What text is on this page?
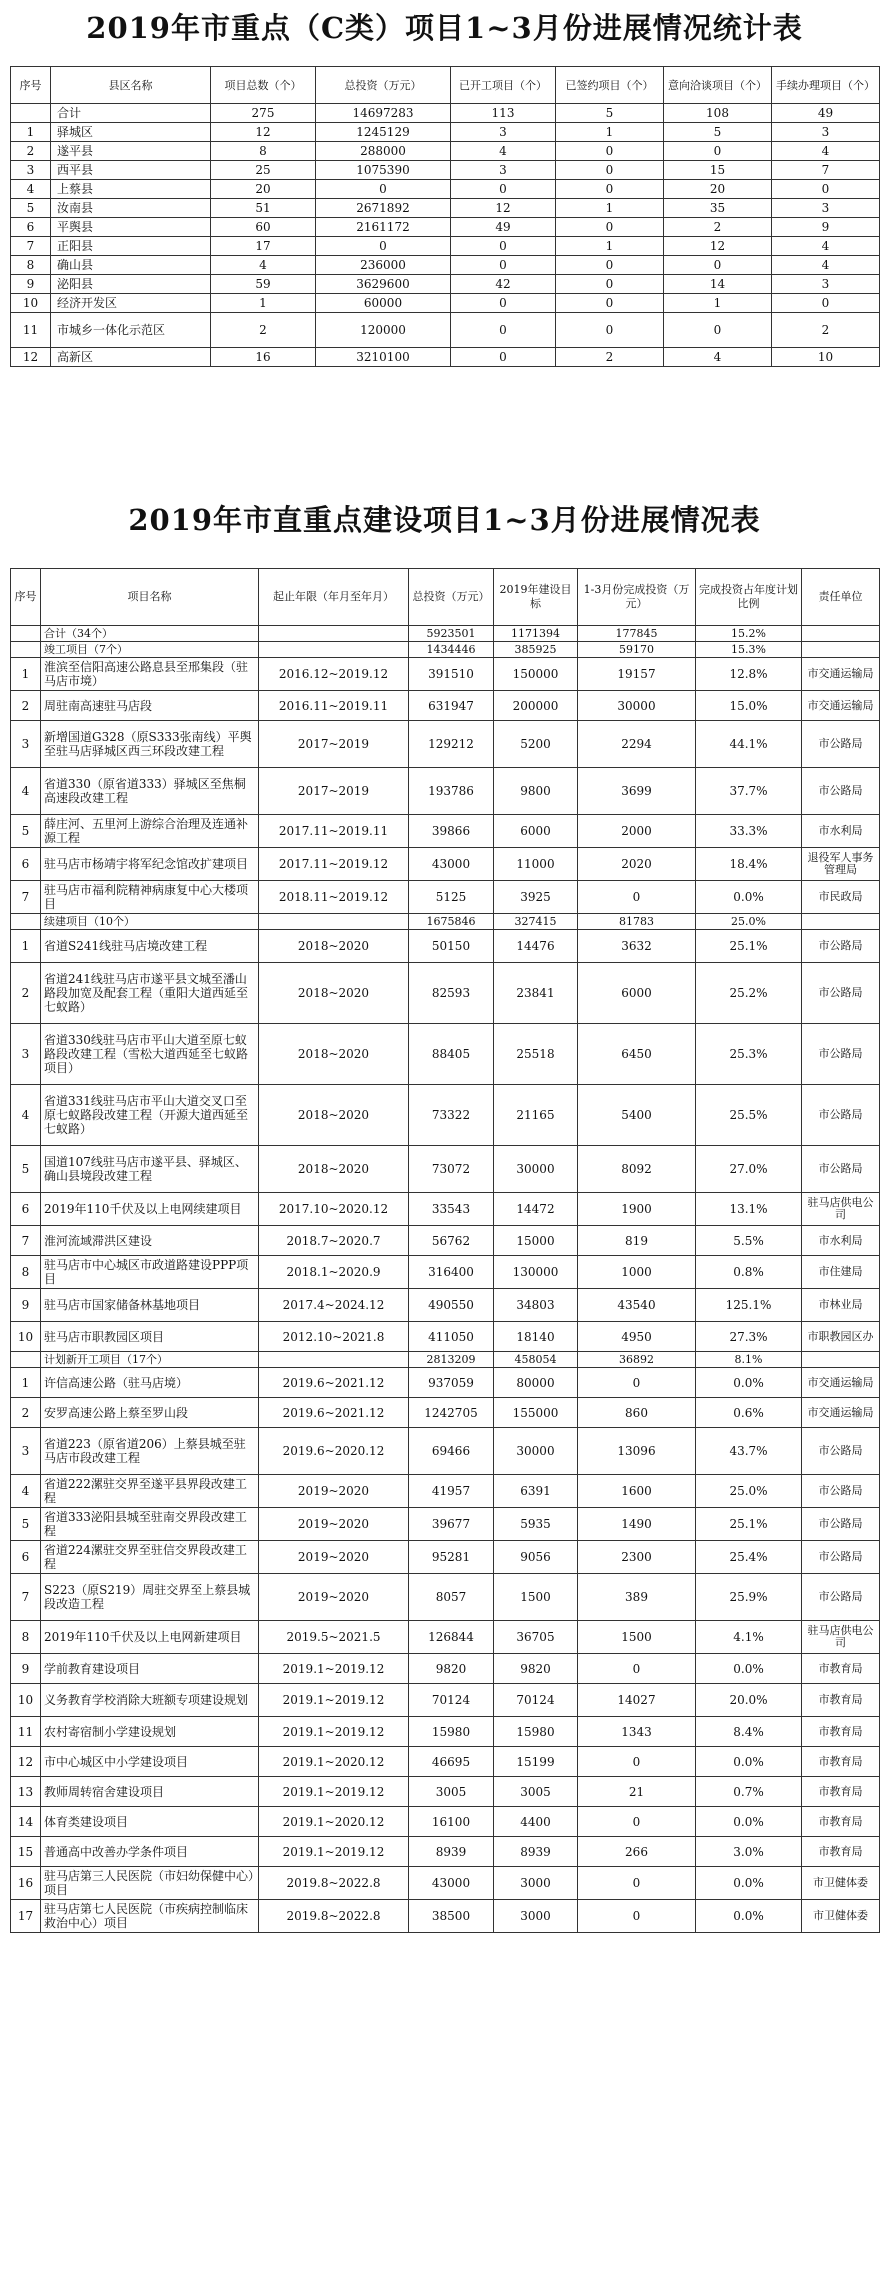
2019年市重点（C类）项目1~3月份进展情况统计表
序号	县区名称	项目总数（个）	总投资（万元）	已开工项目（个）	已签约项目（个）	意向洽谈项目（个）	手续办理项目（个）
	合计	275	14697283	113	5	108	49
1	驿城区	12	1245129	3	1	5	3
2	遂平县	8	288000	4	0	0	4
3	西平县	25	1075390	3	0	15	7
4	上蔡县	20	0	0	0	20	0
5	汝南县	51	2671892	12	1	35	3
6	平舆县	60	2161172	49	0	2	9
7	正阳县	17	0	0	1	12	4
8	确山县	4	236000	0	0	0	4
9	泌阳县	59	3629600	42	0	14	3
10	经济开发区	1	60000	0	0	1	0
11	市城乡一体化示范区	2	120000	0	0	0	2
12	高新区	16	3210100	0	2	4	10
2019年市直重点建设项目1~3月份进展情况表
序号	项目名称	起止年限（年月至年月）	总投资（万元）	2019年建设目标	1-3月份完成投资（万元）	完成投资占年度计划比例	责任单位
	合计（34个）		5923501	1171394	177845	15.2%	
	竣工项目（7个）		1434446	385925	59170	15.3%	
1	淮滨至信阳高速公路息县至邢集段（驻马店市境）	2016.12~2019.12	391510	150000	19157	12.8%	市交通运输局
2	周驻南高速驻马店段	2016.11~2019.11	631947	200000	30000	15.0%	市交通运输局
3	新增国道G328（原S333张南线）平舆至驻马店驿城区西三环段改建工程	2017~2019	129212	5200	2294	44.1%	市公路局
4	省道330（原省道333）驿城区至焦桐高速段改建工程	2017~2019	193786	9800	3699	37.7%	市公路局
5	薛庄河、五里河上游综合治理及连通补源工程	2017.11~2019.11	39866	6000	2000	33.3%	市水利局
6	驻马店市杨靖宇将军纪念馆改扩建项目	2017.11~2019.12	43000	11000	2020	18.4%	退役军人事务管理局
7	驻马店市福利院精神病康复中心大楼项目	2018.11~2019.12	5125	3925	0	0.0%	市民政局
	续建项目（10个）		1675846	327415	81783	25.0%	
1	省道S241线驻马店境改建工程	2018~2020	50150	14476	3632	25.1%	市公路局
2	省道241线驻马店市遂平县文城至潘山路段加宽及配套工程（重阳大道西延至七蚁路）	2018~2020	82593	23841	6000	25.2%	市公路局
3	省道330线驻马店市平山大道至原七蚁路段改建工程（雪松大道西延至七蚁路项目）	2018~2020	88405	25518	6450	25.3%	市公路局
4	省道331线驻马店市平山大道交叉口至原七蚁路段改建工程（开源大道西延至七蚁路）	2018~2020	73322	21165	5400	25.5%	市公路局
5	国道107线驻马店市遂平县、驿城区、确山县境段改建工程	2018~2020	73072	30000	8092	27.0%	市公路局
6	2019年110千伏及以上电网续建项目	2017.10~2020.12	33543	14472	1900	13.1%	驻马店供电公司
7	淮河流域滞洪区建设	2018.7~2020.7	56762	15000	819	5.5%	市水利局
8	驻马店市中心城区市政道路建设PPP项目	2018.1~2020.9	316400	130000	1000	0.8%	市住建局
9	驻马店市国家储备林基地项目	2017.4~2024.12	490550	34803	43540	125.1%	市林业局
10	驻马店市职教园区项目	2012.10~2021.8	411050	18140	4950	27.3%	市职教园区办
	计划新开工项目（17个）		2813209	458054	36892	8.1%	
1	许信高速公路（驻马店境）	2019.6~2021.12	937059	80000	0	0.0%	市交通运输局
2	安罗高速公路上蔡至罗山段	2019.6~2021.12	1242705	155000	860	0.6%	市交通运输局
3	省道223（原省道206）上蔡县城至驻马店市段改建工程	2019.6~2020.12	69466	30000	13096	43.7%	市公路局
4	省道222漯驻交界至遂平县界段改建工程	2019~2020	41957	6391	1600	25.0%	市公路局
5	省道333泌阳县城至驻南交界段改建工程	2019~2020	39677	5935	1490	25.1%	市公路局
6	省道224漯驻交界至驻信交界段改建工程	2019~2020	95281	9056	2300	25.4%	市公路局
7	S223（原S219）周驻交界至上蔡县城段改造工程	2019~2020	8057	1500	389	25.9%	市公路局
8	2019年110千伏及以上电网新建项目	2019.5~2021.5	126844	36705	1500	4.1%	驻马店供电公司
9	学前教育建设项目	2019.1~2019.12	9820	9820	0	0.0%	市教育局
10	义务教育学校消除大班额专项建设规划	2019.1~2019.12	70124	70124	14027	20.0%	市教育局
11	农村寄宿制小学建设规划	2019.1~2019.12	15980	15980	1343	8.4%	市教育局
12	市中心城区中小学建设项目	2019.1~2020.12	46695	15199	0	0.0%	市教育局
13	教师周转宿舍建设项目	2019.1~2019.12	3005	3005	21	0.7%	市教育局
14	体育类建设项目	2019.1~2020.12	16100	4400	0	0.0%	市教育局
15	普通高中改善办学条件项目	2019.1~2019.12	8939	8939	266	3.0%	市教育局
16	驻马店第三人民医院（市妇幼保健中心）项目	2019.8~2022.8	43000	3000	0	0.0%	市卫健体委
17	驻马店第七人民医院（市疾病控制临床救治中心）项目	2019.8~2022.8	38500	3000	0	0.0%	市卫健体委
